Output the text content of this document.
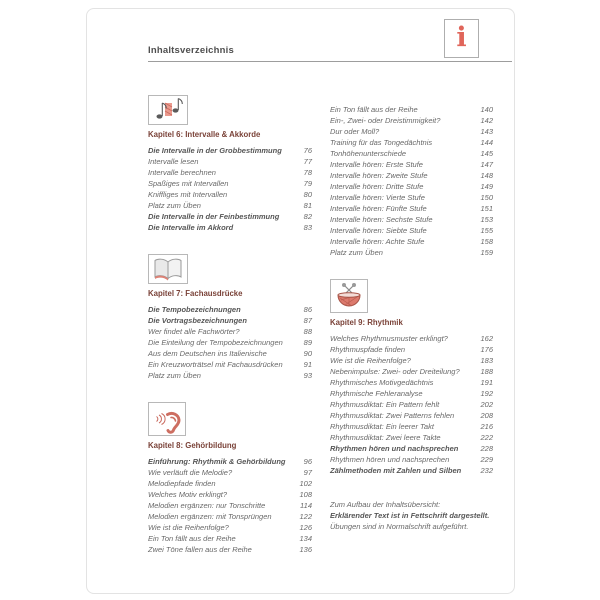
Inhaltsverzeichnis	i
Kapitel 6: Intervalle & Akkorde
Die Intervalle in der Grobbestimmung	76
Intervalle lesen	77
Intervalle berechnen	78
Spaßiges mit Intervallen	79
Kniffliges mit Intervallen	80
Platz zum Üben	81
Die Intervalle in der Feinbestimmung	82
Die Intervalle im Akkord	83
Kapitel 7: Fachausdrücke
Die Tempobezeichnungen	86
Die Vortragsbezeichnungen	87
Wer findet alle Fachwörter?	88
Die Einteilung der Tempobezeichnungen	89
Aus dem Deutschen ins Italienische	90
Ein Kreuzworträtsel mit Fachausdrücken	91
Platz zum Üben	93
Kapitel 8: Gehörbildung
Einführung: Rhythmik & Gehörbildung 96
Wie verläuft die Melodie?	97
Melodiepfade finden	102
Welches Motiv erklingt?	108
Melodien ergänzen: nur Tonschritte	114
Melodien ergänzen: mit Tonsprüngen	122
Wie ist die Reihenfolge?	126
Ein Ton fällt aus der Reihe	134
Zwei Töne fallen aus der Reihe	136
Ein Ton fällt aus der Reihe	140
Ein-, Zwei- oder Dreistimmigkeit?	142
Dur oder Moll?	143
Training für das Tongedächtnis	144
Tonhöhenunterschiede	145
Intervalle hören: Erste Stufe	147
Intervalle hören: Zweite Stufe	148
Intervalle hören: Dritte Stufe	149
Intervalle hören: Vierte Stufe	150
Intervalle hören: Fünfte Stufe	151
Intervalle hören: Sechste Stufe	153
Intervalle hören: Siebte Stufe	155
Intervalle hören: Achte Stufe	158
Platz zum Üben	159
Kapitel 9: Rhythmik
Welches Rhythmusmuster erklingt?	162
Rhythmuspfade finden	176
Wie ist die Reihenfolge?	183
Nebenimpulse: Zwei- oder Dreiteilung?	188
Rhythmisches Motivgedächtnis	191
Rhythmische Fehleranalyse	192
Rhythmusdiktat: Ein Pattern fehlt	202
Rhythmusdiktat: Zwei Patterns fehlen	208
Rhythmusdiktat: Ein leerer Takt	216
Rhythmusdiktat: Zwei leere Takte	222
Rhythmen hören und nachsprechen	228
Rhythmen hören und nachsprechen	229
Zählmethoden mit Zahlen und Silben	232
Zum Aufbau der Inhaltsübersicht:
Erklärender Text ist in Fettschrift dargestellt.
Übungen sind in Normalschrift aufgeführt.
